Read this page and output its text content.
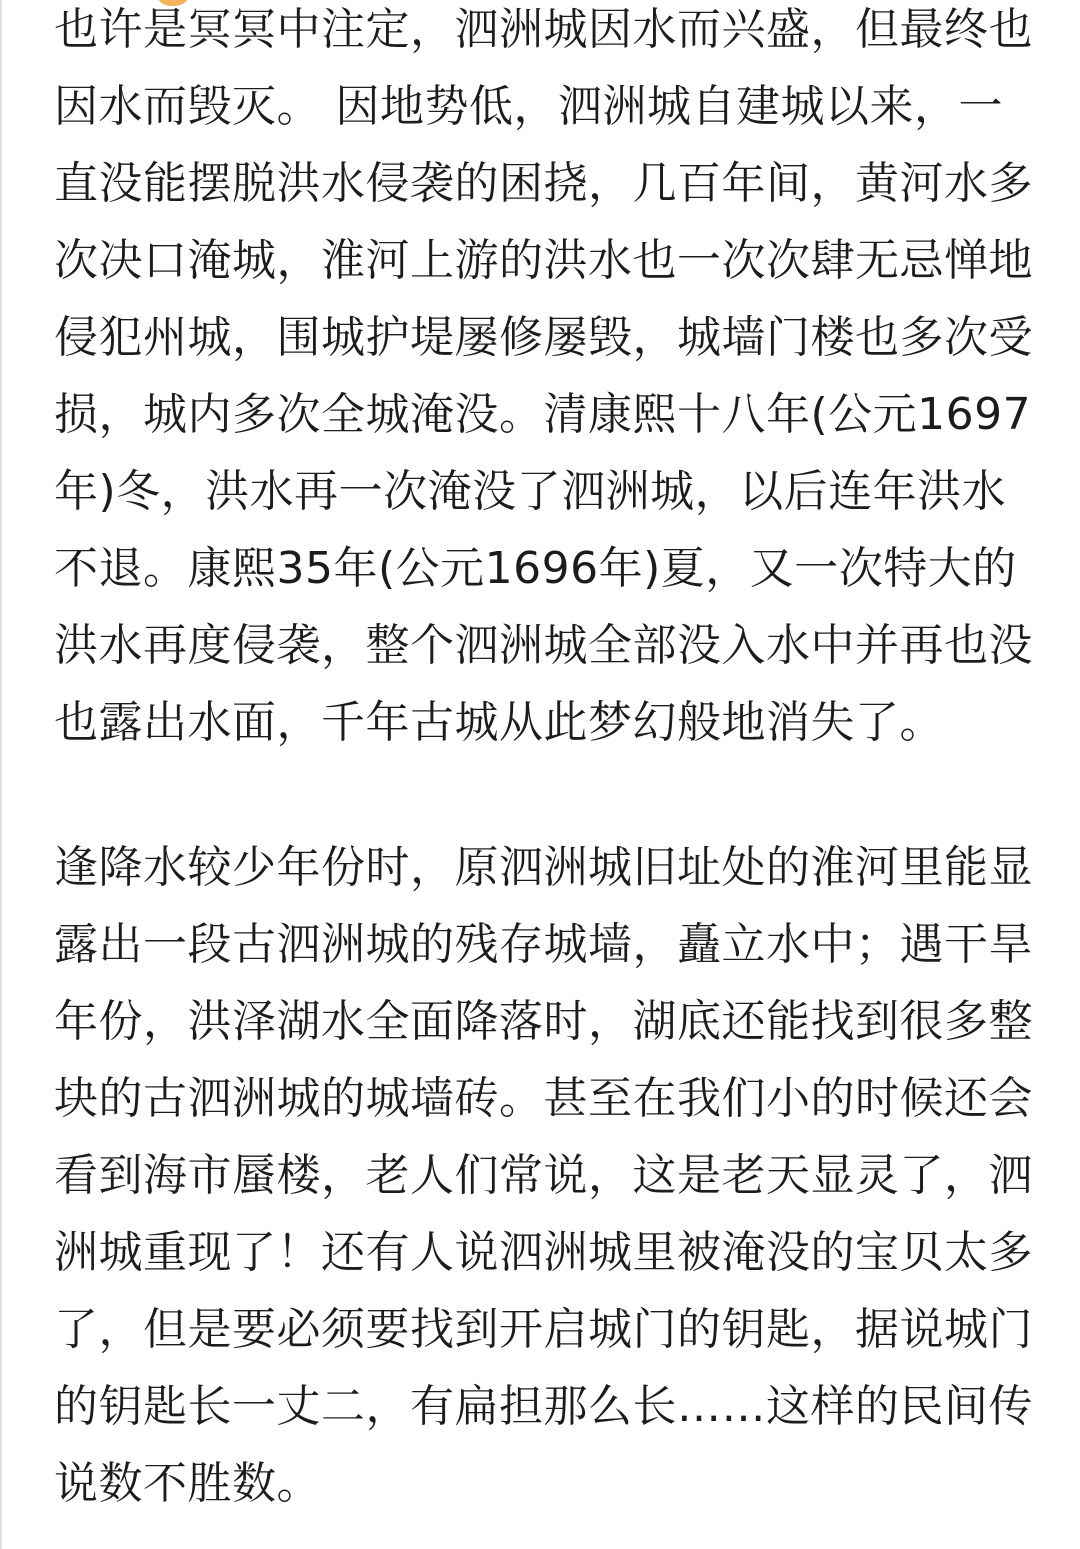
也许是冥冥中注定，泗洲城因水而兴盛，但最终也因水而毁灭。 因地势低，泗洲城自建城以来，一直没能摆脱洪水侵袭的困挠，几百年间，黄河水多次决口淹城，淮河上游的洪水也一次次肆无忌惮地侵犯州城，围城护堤屡修屡毁，城墙门楼也多次受损，城内多次全城淹没。清康熙十八年(公元1697年)冬，洪水再一次淹没了泗洲城，以后连年洪水不退。康熙35年(公元1696年)夏，又一次特大的洪水再度侵袭，整个泗洲城全部没入水中并再也没也露出水面，千年古城从此梦幻般地消失了。

逢降水较少年份时，原泗洲城旧址处的淮河里能显露出一段古泗洲城的残存城墙，矗立水中；遇干旱年份，洪泽湖水全面降落时，湖底还能找到很多整块的古泗洲城的城墙砖。甚至在我们小的时候还会看到海市蜃楼，老人们常说，这是老天显灵了，泗洲城重现了！还有人说泗洲城里被淹没的宝贝太多了，但是要必须要找到开启城门的钥匙，据说城门的钥匙长一丈二，有扁担那么长……这样的民间传说数不胜数。
